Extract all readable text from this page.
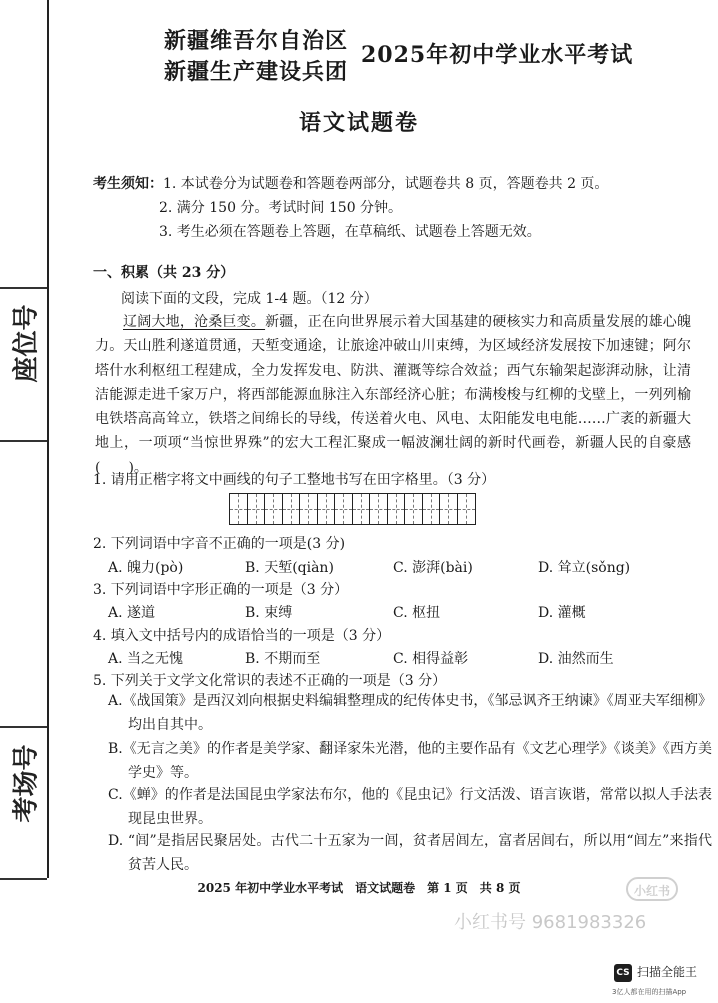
座位号
考场号
新疆维吾尔自治区
新疆生产建设兵团
2025年初中学业水平考试
语文试题卷
考生须知：1. 本试卷分为试题卷和答题卷两部分，试题卷共 8 页，答题卷共 2 页。
2. 满分 150 分。考试时间 150 分钟。
3. 考生必须在答题卷上答题，在草稿纸、试题卷上答题无效。
一、积累（共 23 分）
阅读下面的文段，完成 1-4 题。（12 分）
辽阔大地，沧桑巨变。新疆，正在向世界展示着大国基建的硬核实力和高质量发展的雄心魄力。天山胜利遂道贯通，天堑变通途，让旅途冲破山川束缚，为区域经济发展按下加速键；阿尔塔什水利枢纽工程建成，全力发挥发电、防洪、灌溉等综合效益；西气东输架起澎湃动脉，让清洁能源走进千家万户，将西部能源血脉注入东部经济心脏；布满梭梭与红柳的戈壁上，一列列榆电铁塔高高耸立，铁塔之间绵长的导线，传送着火电、风电、太阳能发电电能……广袤的新疆大地上，一项项“当惊世界殊”的宏大工程汇聚成一幅波澜壮阔的新时代画卷，新疆人民的自豪感(　　)。
1. 请用正楷字将文中画线的句子工整地书写在田字格里。（3 分）
2. 下列词语中字音不正确的一项是(3 分)
A. 魄力(pò)	B. 天堑(qiàn)	C. 澎湃(bài)	D. 耸立(sǒng)
3. 下列词语中字形正确的一项是（3 分）
A. 遂道	B. 束缚	C. 枢扭	D. 灌概
4. 填入文中括号内的成语恰当的一项是（3 分）
A. 当之无愧	B. 不期而至	C. 相得益彰	D. 油然而生
5. 下列关于文学文化常识的表述不正确的一项是（3 分）
A.《战国策》是西汉刘向根据史料编辑整理成的纪传体史书，《邹忌讽齐王纳谏》《周亚夫军细柳》均出自其中。
B.《无言之美》的作者是美学家、翻译家朱光潜，他的主要作品有《文艺心理学》《谈美》《西方美学史》等。
C.《蝉》的作者是法国昆虫学家法布尔，他的《昆虫记》行文活泼、语言诙谐，常常以拟人手法表现昆虫世界。
D. “闾”是指居民聚居处。古代二十五家为一闾，贫者居闾左，富者居闾右，所以用“闾左”来指代贫苦人民。
2025 年初中学业水平考试　语文试题卷　第 1 页　共 8 页	小红书
小红书号 9681983326
CS 扫描全能王
3亿人都在用的扫描App
